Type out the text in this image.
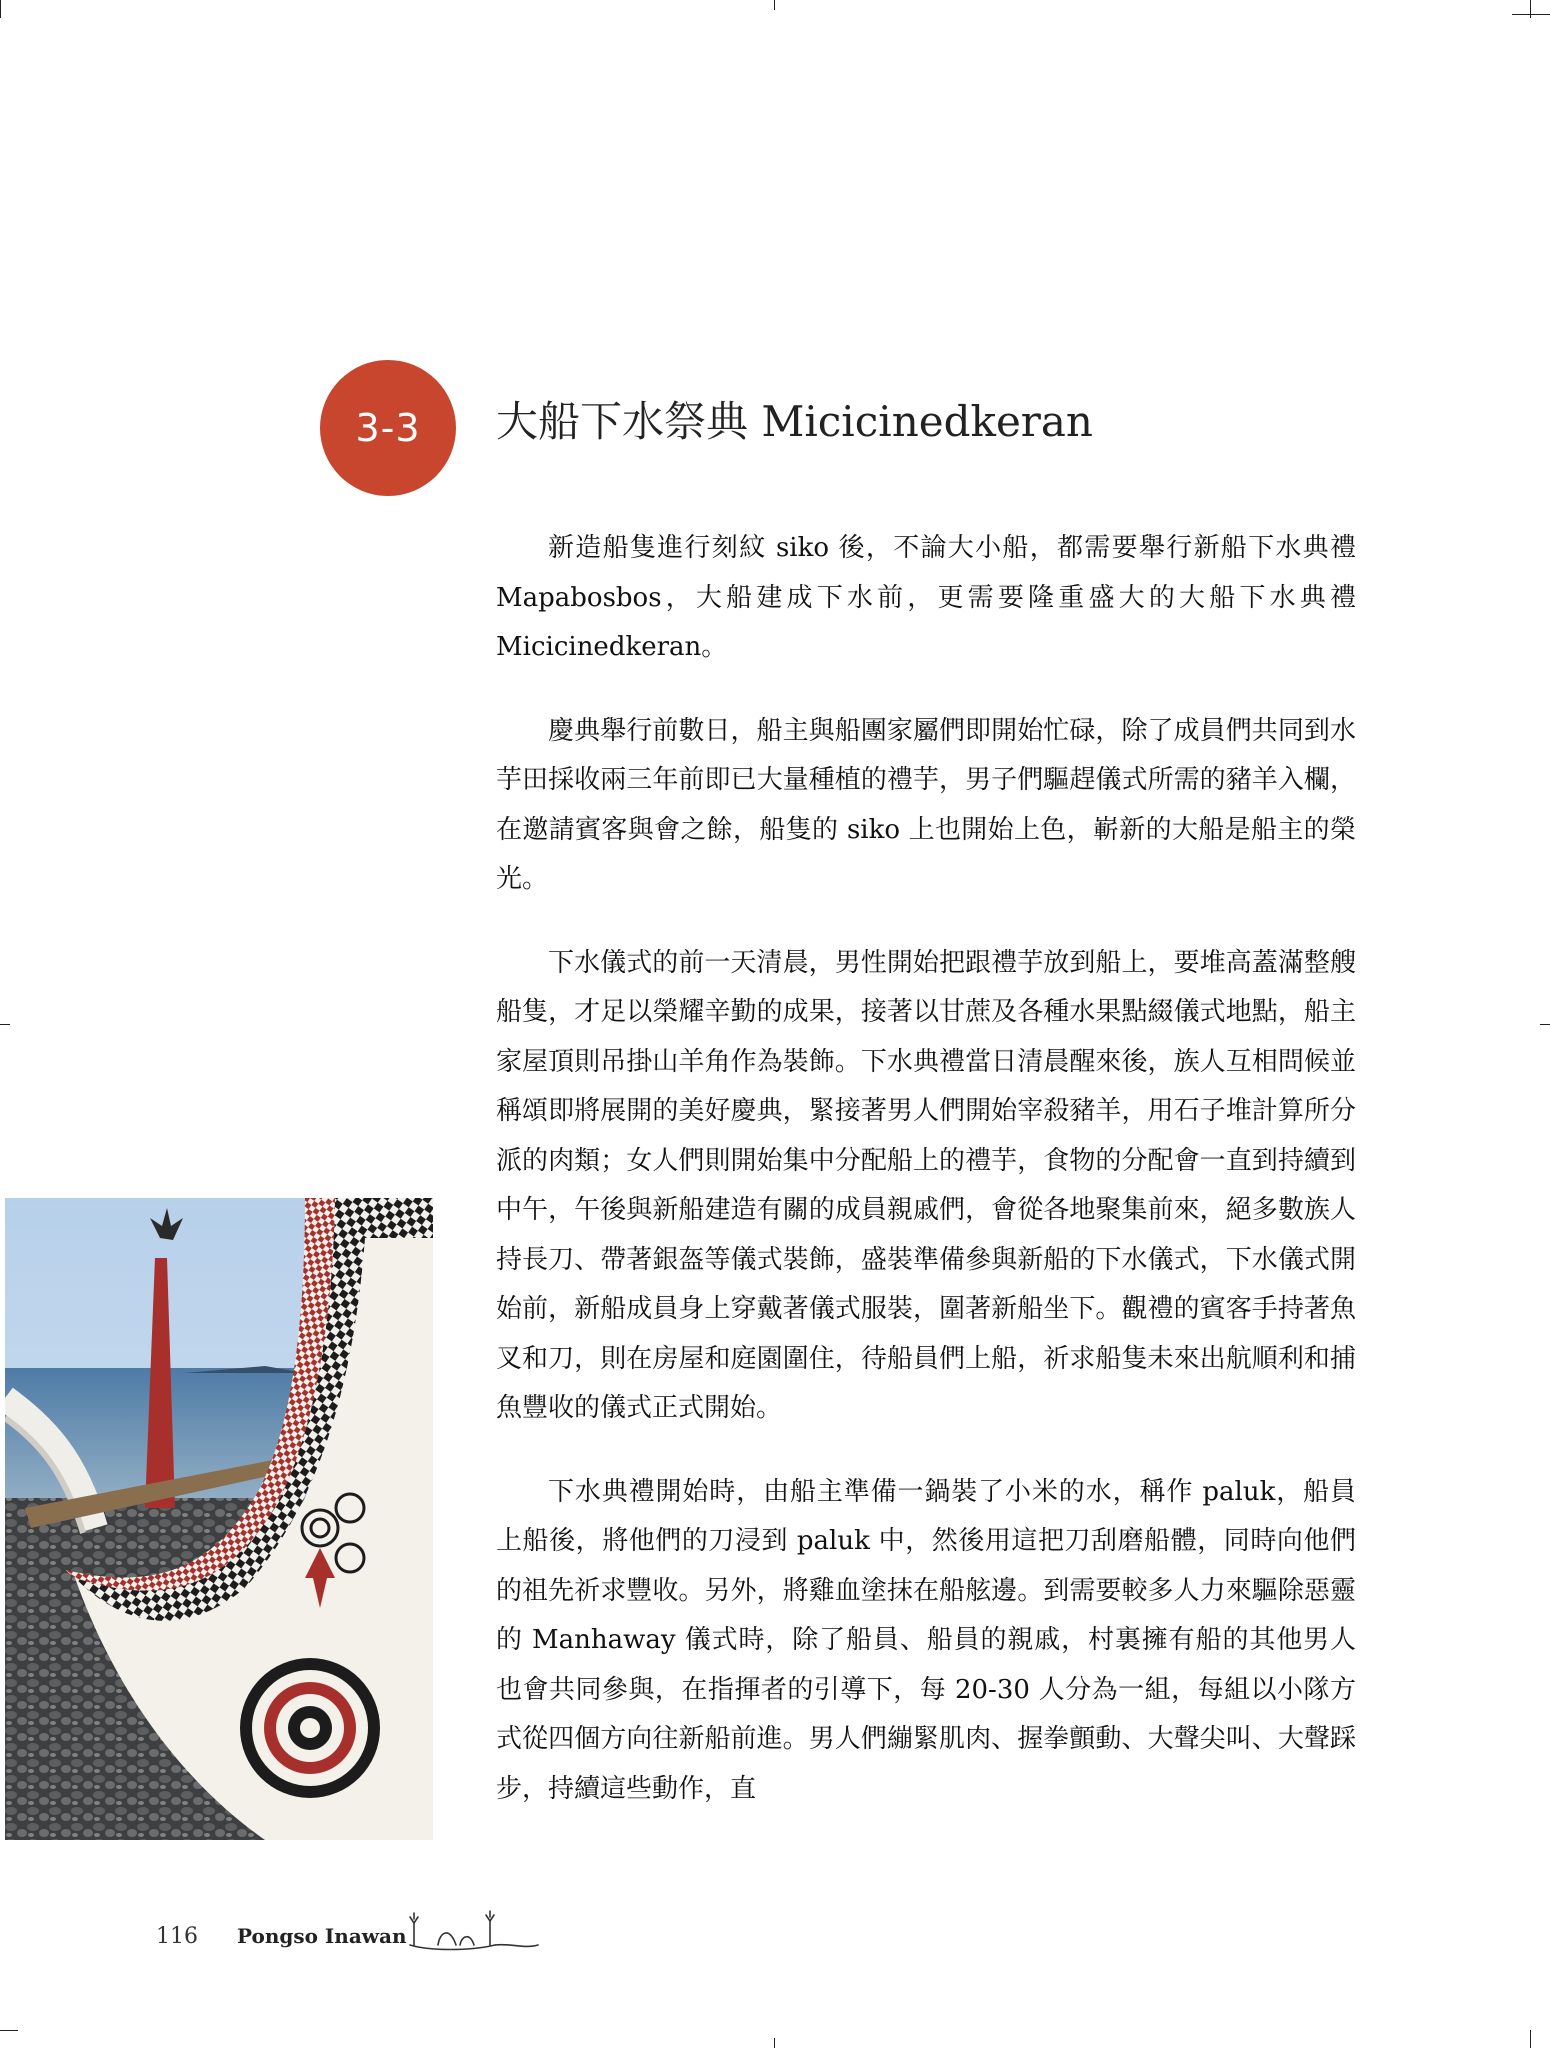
3-3 大船下水祭典 Micicinedkeran

新造船隻進行刻紋 siko 後，不論大小船，都需要舉行新船下水典禮 Mapabosbos，大船建成下水前，更需要隆重盛大的大船下水典禮 Micicinedkeran。

慶典舉行前數日，船主與船團家屬們即開始忙碌，除了成員們共同到水芋田採收兩三年前即已大量種植的禮芋，男子們驅趕儀式所需的豬羊入欄，在邀請賓客與會之餘，船隻的 siko 上也開始上色，嶄新的大船是船主的榮光。

下水儀式的前一天清晨，男性開始把跟禮芋放到船上，要堆高蓋滿整艘船隻，才足以榮耀辛勤的成果，接著以甘蔗及各種水果點綴儀式地點，船主家屋頂則吊掛山羊角作為裝飾。下水典禮當日清晨醒來後，族人互相問候並稱頌即將展開的美好慶典，緊接著男人們開始宰殺豬羊，用石子堆計算所分派的肉類；女人們則開始集中分配船上的禮芋，食物的分配會一直到持續到中午，午後與新船建造有關的成員親戚們，會從各地聚集前來，絕多數族人持長刀、帶著銀盔等儀式裝飾，盛裝準備參與新船的下水儀式，下水儀式開始前，新船成員身上穿戴著儀式服裝，圍著新船坐下。觀禮的賓客手持著魚叉和刀，則在房屋和庭園圍住，待船員們上船，祈求船隻未來出航順利和捕魚豐收的儀式正式開始。

下水典禮開始時，由船主準備一鍋裝了小米的水，稱作 paluk，船員上船後，將他們的刀浸到 paluk 中，然後用這把刀刮磨船體，同時向他們的祖先祈求豐收。另外，將雞血塗抹在船舷邊。到需要較多人力來驅除惡靈的 Manhaway 儀式時，除了船員、船員的親戚，村裏擁有船的其他男人也會共同參與，在指揮者的引導下，每 20-30 人分為一組，每組以小隊方式從四個方向往新船前進。男人們繃緊肌肉、握拳顫動、大聲尖叫、大聲踩步，持續這些動作，直

116 Pongso Inawan
